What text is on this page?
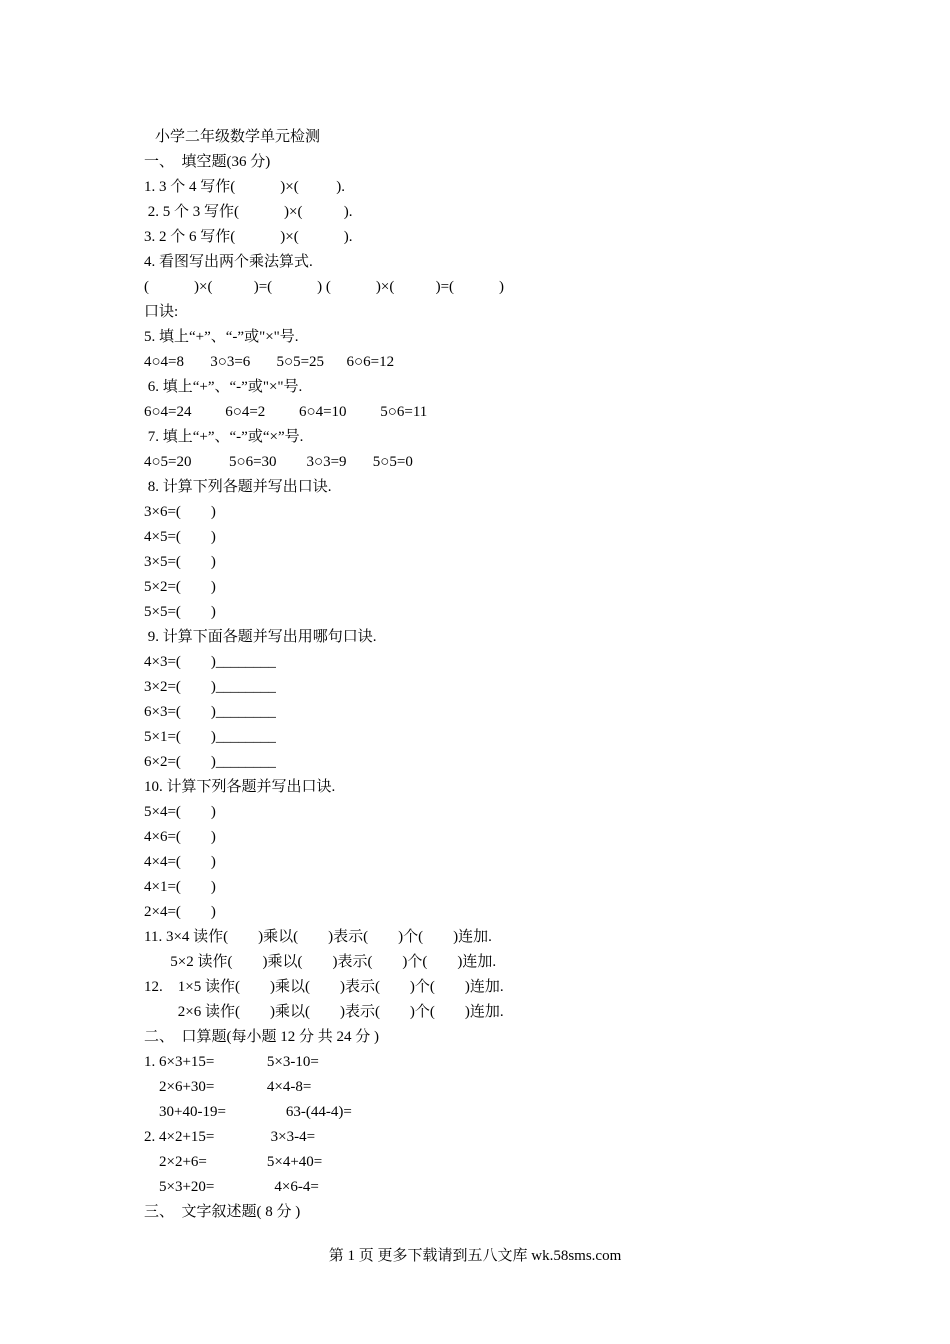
小学二年级数学单元检测
一、  填空题(36 分)
1. 3 个 4 写作(            )×(          ).
2. 5 个 3 写作(            )×(           ).
3. 2 个 6 写作(            )×(            ).
4. 看图写出两个乘法算式.
(            )×(           )=(            ) (            )×(           )=(            )
口诀:
5. 填上“+”、“-”或"×"号.
4○4=8       3○3=6       5○5=25      6○6=12
6. 填上“+”、“-”或"×"号.
6○4=24         6○4=2         6○4=10         5○6=11
7. 填上“+”、“-”或“×”号.
4○5=20          5○6=30        3○3=9       5○5=0
8. 计算下列各题并写出口诀.
3×6=(        )
4×5=(        )
3×5=(        )
5×2=(        )
5×5=(        )
9. 计算下面各题并写出用哪句口诀.
4×3=(        )________
3×2=(        )________
6×3=(        )________
5×1=(        )________
6×2=(        )________
10. 计算下列各题并写出口诀.
5×4=(        )
4×6=(        )
4×4=(        )
4×1=(        )
2×4=(        )
11. 3×4 读作(        )乘以(        )表示(        )个(        )连加.
5×2 读作(        )乘以(        )表示(        )个(        )连加.
12.    1×5 读作(        )乘以(        )表示(        )个(        )连加.
2×6 读作(        )乘以(        )表示(        )个(        )连加.
二、  口算题(每小题 12 分 共 24 分 )
1. 6×3+15=              5×3-10=
2×6+30=              4×4-8=
30+40-19=                63-(44-4)=
2. 4×2+15=               3×3-4=
2×2+6=                5×4+40=
5×3+20=                4×6-4=
三、  文字叙述题( 8 分 )
第 1 页 更多下载请到五八文库 wk.58sms.com
